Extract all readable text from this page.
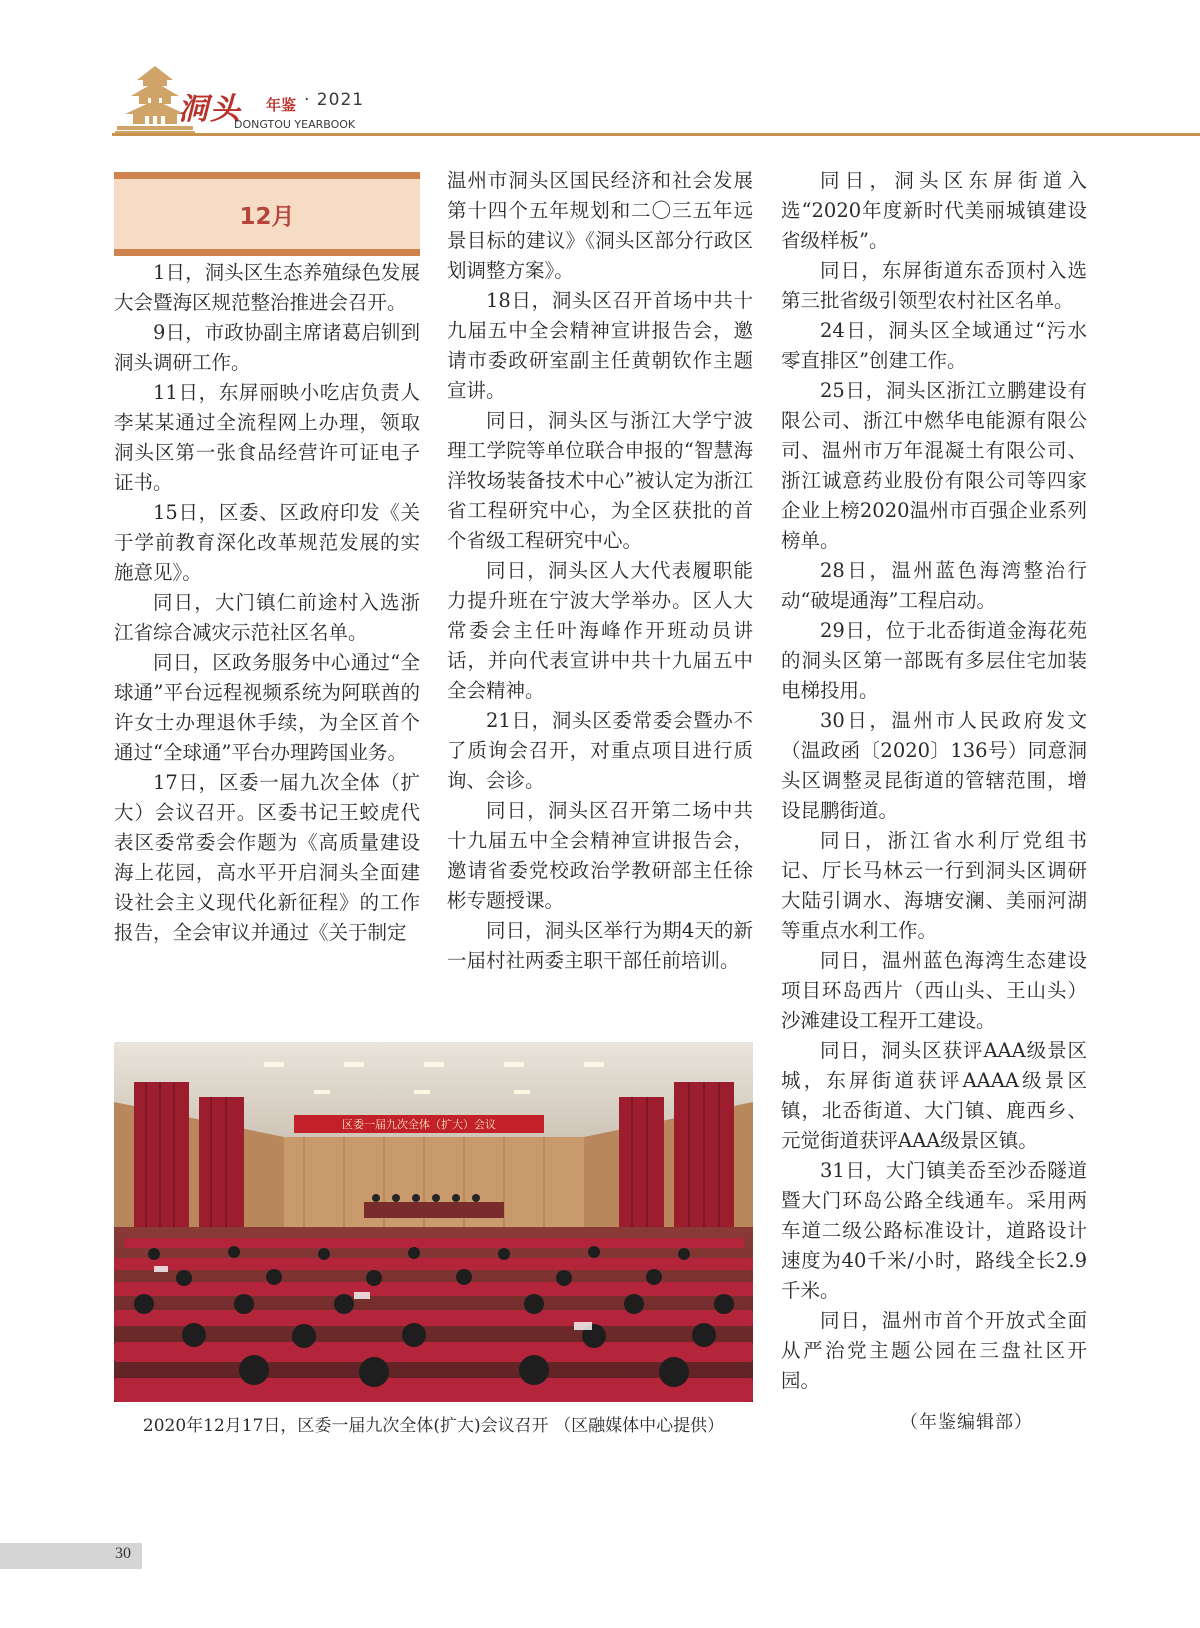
洞头 年鉴 · 2021
DONGTOU YEARBOOK
12月

1日，洞头区生态养殖绿色发展大会暨海区规范整治推进会召开。

9日，市政协副主席诸葛启钏到洞头调研工作。

11日，东屏丽映小吃店负责人李某某通过全流程网上办理，领取洞头区第一张食品经营许可证电子证书。

15日，区委、区政府印发《关于学前教育深化改革规范发展的实施意见》。

同日，大门镇仁前途村入选浙江省综合减灾示范社区名单。

同日，区政务服务中心通过“全球通”平台远程视频系统为阿联酋的许女士办理退休手续，为全区首个通过“全球通”平台办理跨国业务。

17日，区委一届九次全体（扩大）会议召开。区委书记王蛟虎代表区委常委会作题为《高质量建设海上花园，高水平开启洞头全面建设社会主义现代化新征程》的工作报告，全会审议并通过《关于制定

温州市洞头区国民经济和社会发展第十四个五年规划和二〇三五年远景目标的建议》《洞头区部分行政区划调整方案》。

18日，洞头区召开首场中共十九届五中全会精神宣讲报告会，邀请市委政研室副主任黄朝钦作主题宣讲。

同日，洞头区与浙江大学宁波理工学院等单位联合申报的“智慧海洋牧场装备技术中心”被认定为浙江省工程研究中心，为全区获批的首个省级工程研究中心。

同日，洞头区人大代表履职能力提升班在宁波大学举办。区人大常委会主任叶海峰作开班动员讲话，并向代表宣讲中共十九届五中全会精神。

21日，洞头区委常委会暨办不了质询会召开，对重点项目进行质询、会诊。

同日，洞头区召开第二场中共十九届五中全会精神宣讲报告会，邀请省委党校政治学教研部主任徐彬专题授课。

同日，洞头区举行为期4天的新一届村社两委主职干部任前培训。

同日，洞头区东屏街道入选“2020年度新时代美丽城镇建设省级样板”。

同日，东屏街道东岙顶村入选第三批省级引领型农村社区名单。

24日，洞头区全域通过“污水零直排区”创建工作。

25日，洞头区浙江立鹏建设有限公司、浙江中燃华电能源有限公司、温州市万年混凝土有限公司、浙江诚意药业股份有限公司等四家企业上榜2020温州市百强企业系列榜单。

28日，温州蓝色海湾整治行动“破堤通海”工程启动。

29日，位于北岙街道金海花苑的洞头区第一部既有多层住宅加装电梯投用。

30日，温州市人民政府发文（温政函〔2020〕136号）同意洞头区调整灵昆街道的管辖范围，增设昆鹏街道。

同日，浙江省水利厅党组书记、厅长马林云一行到洞头区调研大陆引调水、海塘安澜、美丽河湖等重点水利工作。

同日，温州蓝色海湾生态建设项目环岛西片（西山头、王山头）沙滩建设工程开工建设。

同日，洞头区获评AAA级景区城，东屏街道获评AAAA级景区镇，北岙街道、大门镇、鹿西乡、元觉街道获评AAA级景区镇。

31日，大门镇美岙至沙岙隧道暨大门环岛公路全线通车。采用两车道二级公路标准设计，道路设计速度为40千米/小时，路线全长2.9千米。

同日，温州市首个开放式全面从严治党主题公园在三盘社区开园。

（年鉴编辑部）
区委一届九次全体（扩大）会议
2020年12月17日，区委一届九次全体(扩大)会议召开 （区融媒体中心提供）
30
